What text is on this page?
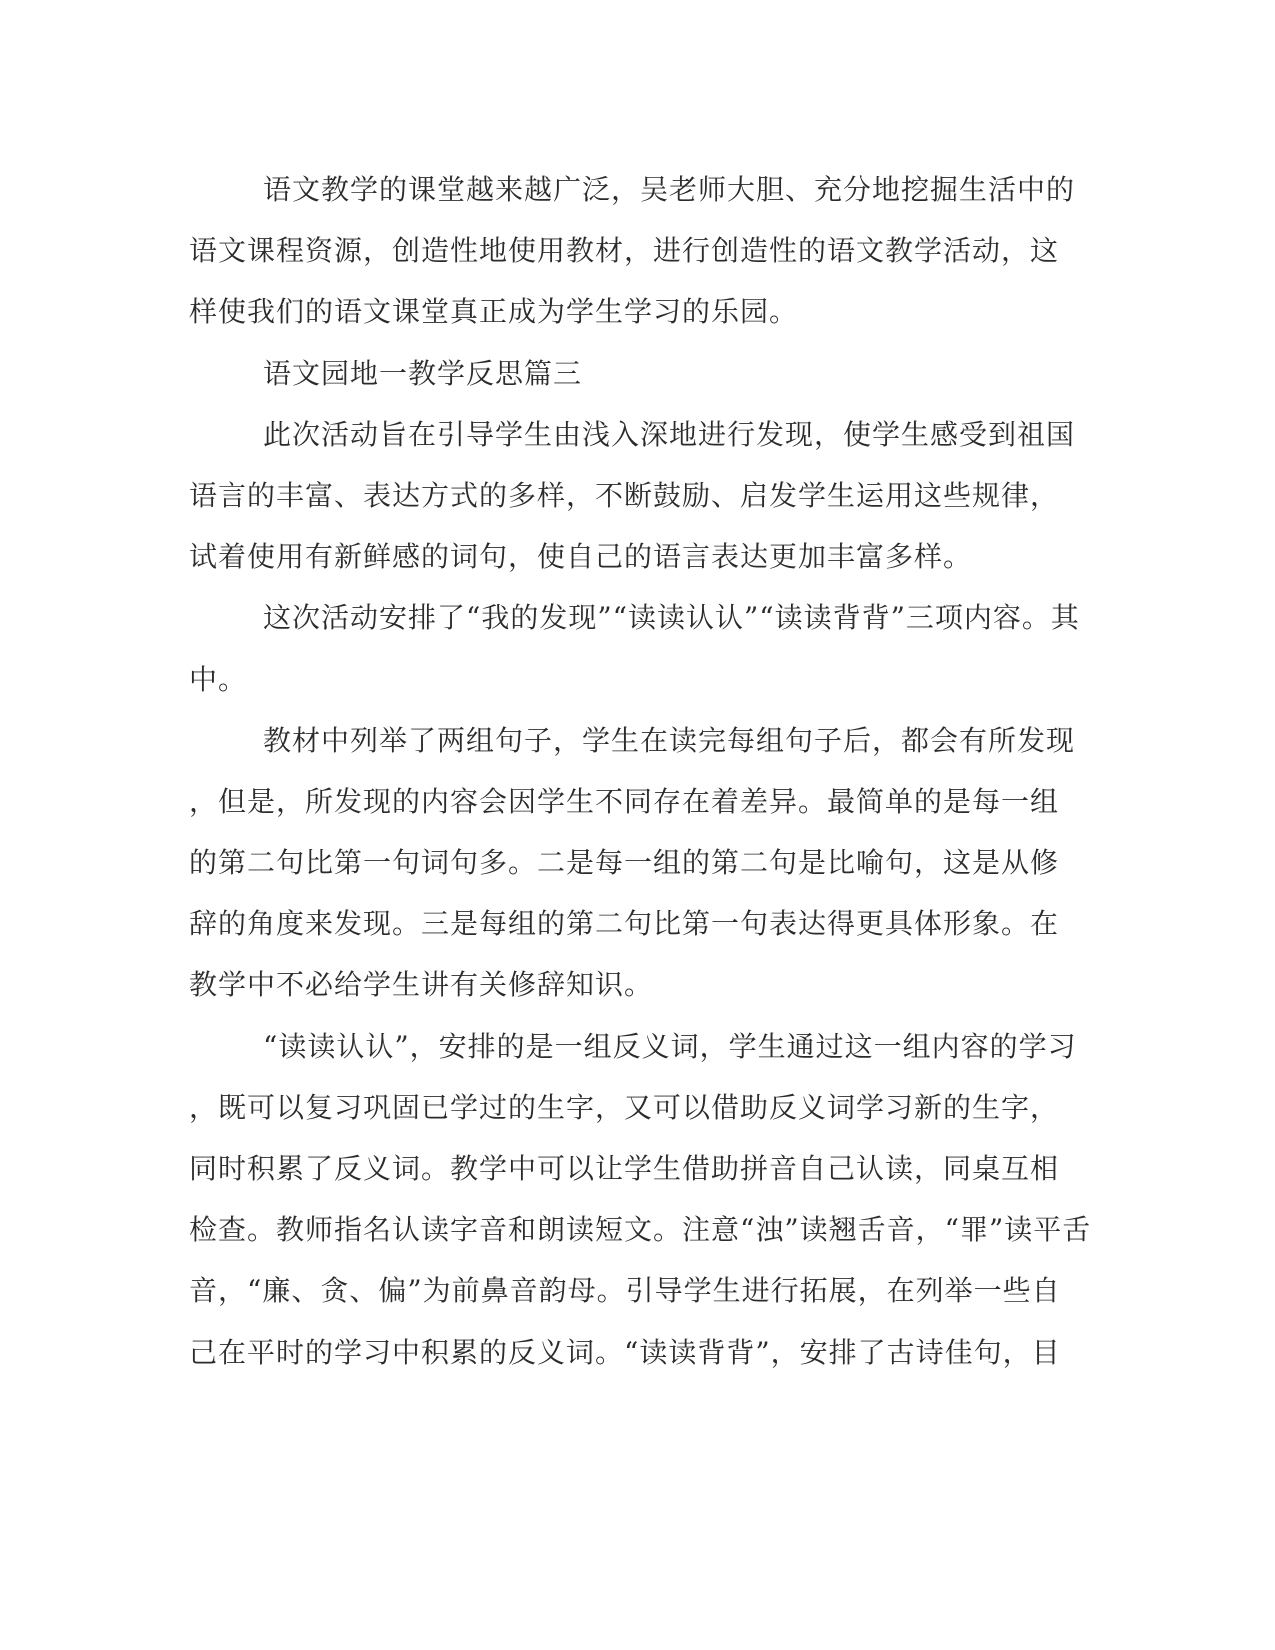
语文教学的课堂越来越广泛，吴老师大胆、充分地挖掘生活中的
语文课程资源，创造性地使用教材，进行创造性的语文教学活动，这
样使我们的语文课堂真正成为学生学习的乐园。
语文园地一教学反思篇三
此次活动旨在引导学生由浅入深地进行发现，使学生感受到祖国
语言的丰富、表达方式的多样，不断鼓励、启发学生运用这些规律，
试着使用有新鲜感的词句，使自己的语言表达更加丰富多样。
这次活动安排了“我的发现”“读读认认”“读读背背”三项内容。其
中。
教材中列举了两组句子，学生在读完每组句子后，都会有所发现
，但是，所发现的内容会因学生不同存在着差异。最简单的是每一组
的第二句比第一句词句多。二是每一组的第二句是比喻句，这是从修
辞的角度来发现。三是每组的第二句比第一句表达得更具体形象。在
教学中不必给学生讲有关修辞知识。
“读读认认”，安排的是一组反义词，学生通过这一组内容的学习
，既可以复习巩固已学过的生字，又可以借助反义词学习新的生字，
同时积累了反义词。教学中可以让学生借助拼音自己认读，同桌互相
检查。教师指名认读字音和朗读短文。注意“浊”读翘舌音，“罪”读平舌
音，“廉、贪、偏”为前鼻音韵母。引导学生进行拓展，在列举一些自
己在平时的学习中积累的反义词。“读读背背”，安排了古诗佳句，目
